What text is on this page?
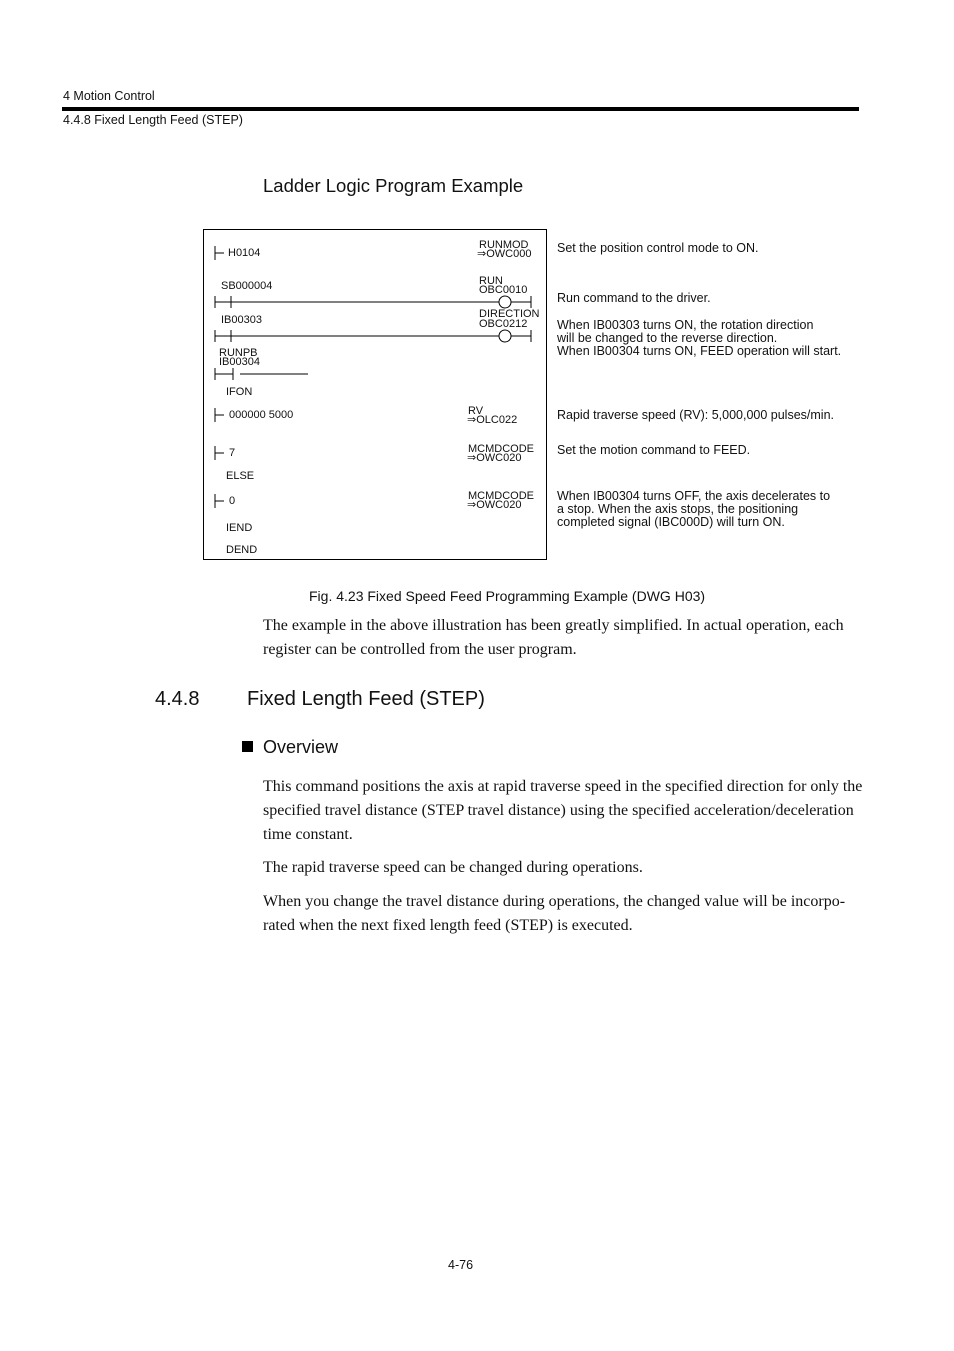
4 Motion Control
4.4.8 Fixed Length Feed (STEP)
Ladder Logic Program Example
H0104
RUNMOD
⇒OWC000
SB000004	RUN
OBC0010
IB00303	DIRECTION
OBC0212
RUNPB
IB00304
IFON
000000 5000	RV
⇒OLC022
7	MCMDCODE
⇒OWC020
ELSE
0	MCMDCODE
⇒OWC020
IEND
DEND
Set the position control mode to ON.
Run command to the driver.
When IB00303 turns ON, the rotation direction
will be changed to the reverse direction.
When IB00304 turns ON, FEED operation will start.
Rapid traverse speed (RV): 5,000,000 pulses/min.
Set the motion command to FEED.
When IB00304 turns OFF, the axis decelerates to
a stop. When the axis stops, the positioning
completed signal (IBC000D) will turn ON.
Fig. 4.23 Fixed Speed Feed Programming Example (DWG H03)
The example in the above illustration has been greatly simplified. In actual operation, each
register can be controlled from the user program.
4.4.8 Fixed Length Feed (STEP)
Overview
This command positions the axis at rapid traverse speed in the specified direction for only the
specified travel distance (STEP travel distance) using the specified acceleration/deceleration
time constant.
The rapid traverse speed can be changed during operations.
When you change the travel distance during operations, the changed value will be incorpo-
rated when the next fixed length feed (STEP) is executed.
4-76
